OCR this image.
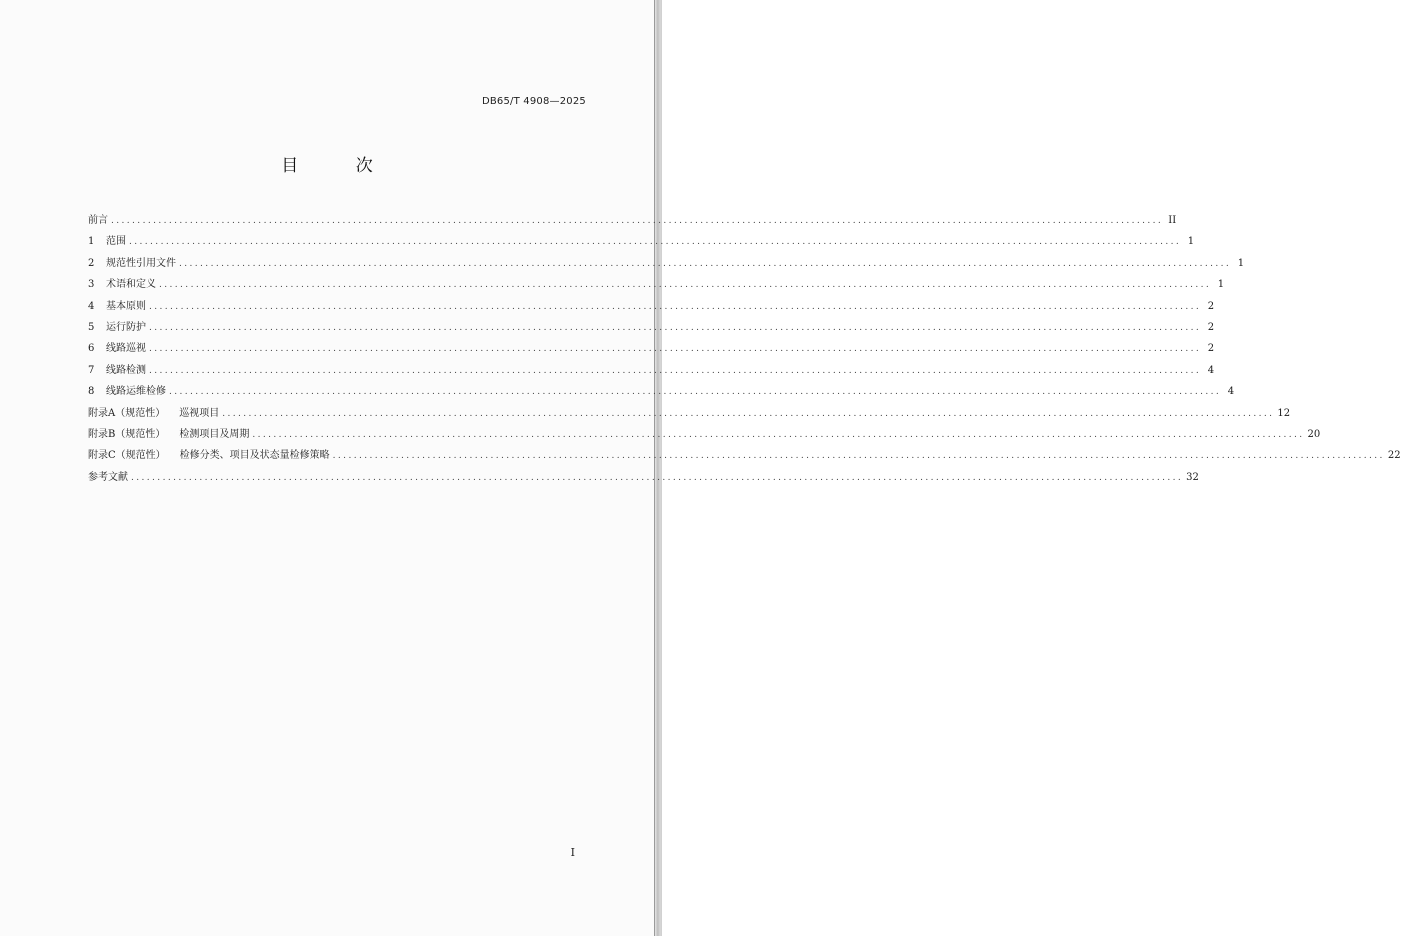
DB65/T 4908—2025
目 次
前言 ........................................................................................................................................................................................................ II
1	范围 ........................................................................................................................................................................................................ 1
2	规范性引用文件 ........................................................................................................................................................................................................ 1
3	术语和定义 ........................................................................................................................................................................................................ 1
4	基本原则 ........................................................................................................................................................................................................ 2
5	运行防护 ........................................................................................................................................................................................................ 2
6	线路巡视 ........................................................................................................................................................................................................ 2
7	线路检测 ........................................................................................................................................................................................................ 4
8	线路运维检修 ........................................................................................................................................................................................................ 4
附录A（规范性） 巡视项目 ........................................................................................................................................................................................................ 12
附录B（规范性） 检测项目及周期 ........................................................................................................................................................................................................ 20
附录C（规范性） 检修分类、项目及状态量检修策略 ........................................................................................................................................................................................................ 22
参考文献 ........................................................................................................................................................................................................ 32
I
